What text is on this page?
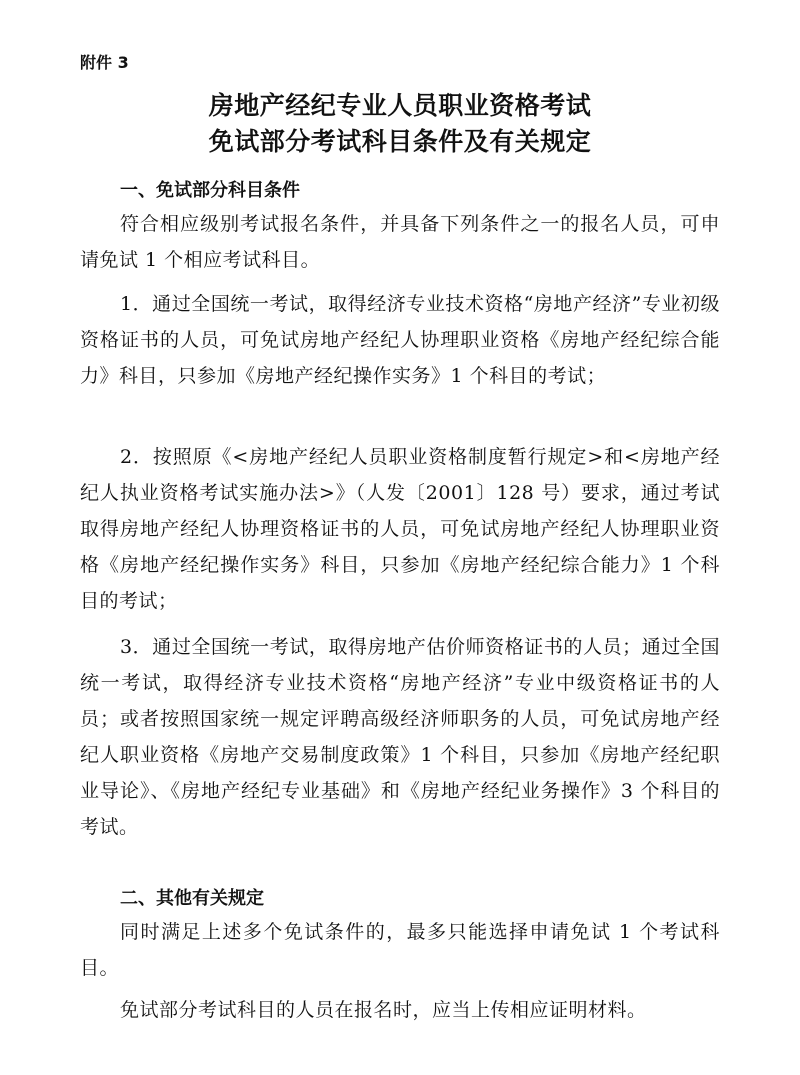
附件 3
房地产经纪专业人员职业资格考试
免试部分考试科目条件及有关规定
一、免试部分科目条件
符合相应级别考试报名条件，并具备下列条件之一的报名人员，可申请免试 1 个相应考试科目。
1．通过全国统一考试，取得经济专业技术资格“房地产经济”专业初级资格证书的人员，可免试房地产经纪人协理职业资格《房地产经纪综合能力》科目，只参加《房地产经纪操作实务》1 个科目的考试；
2．按照原《<房地产经纪人员职业资格制度暂行规定>和<房地产经纪人执业资格考试实施办法>》（人发〔2001〕128 号）要求，通过考试取得房地产经纪人协理资格证书的人员，可免试房地产经纪人协理职业资格《房地产经纪操作实务》科目，只参加《房地产经纪综合能力》1 个科目的考试；
3．通过全国统一考试，取得房地产估价师资格证书的人员；通过全国统一考试，取得经济专业技术资格“房地产经济”专业中级资格证书的人员；或者按照国家统一规定评聘高级经济师职务的人员，可免试房地产经纪人职业资格《房地产交易制度政策》1 个科目，只参加《房地产经纪职业导论》、《房地产经纪专业基础》和《房地产经纪业务操作》3 个科目的考试。
二、其他有关规定
同时满足上述多个免试条件的，最多只能选择申请免试 1 个考试科目。
免试部分考试科目的人员在报名时，应当上传相应证明材料。
